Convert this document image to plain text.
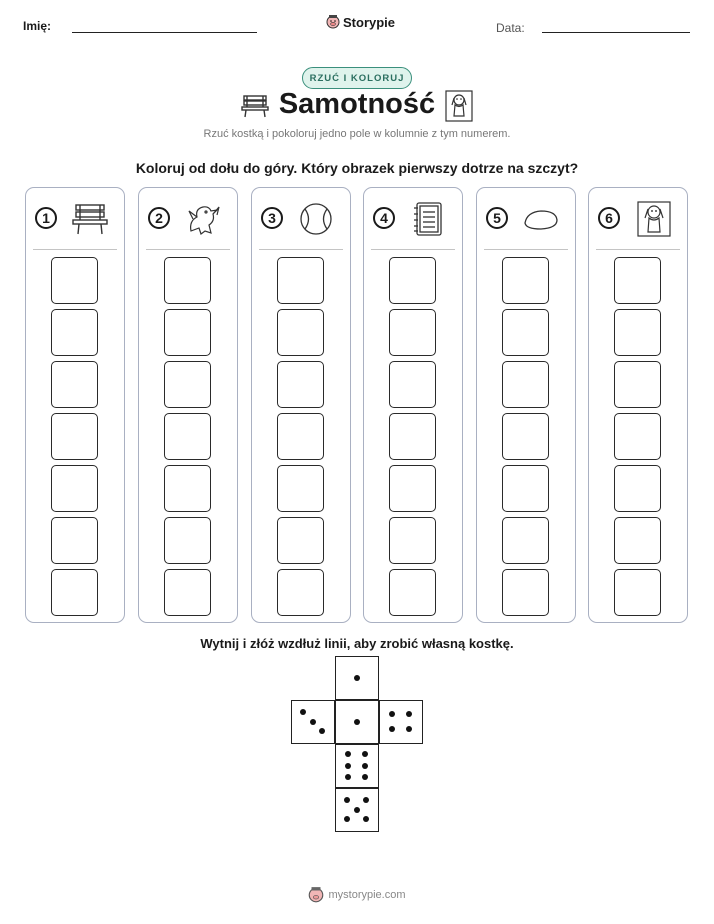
Imię:	Storypie	Data:
RZUĆ I KOLORUJ
Samotność
Rzuć kostką i pokoloruj jedno pole w kolumnie z tym numerem.
Koloruj od dołu do góry. Który obrazek pierwszy dotrze na szczyt?
1	2	3	4	5	6
Wytnij i złóż wzdłuż linii, aby zrobić własną kostkę.
mystorypie.com
